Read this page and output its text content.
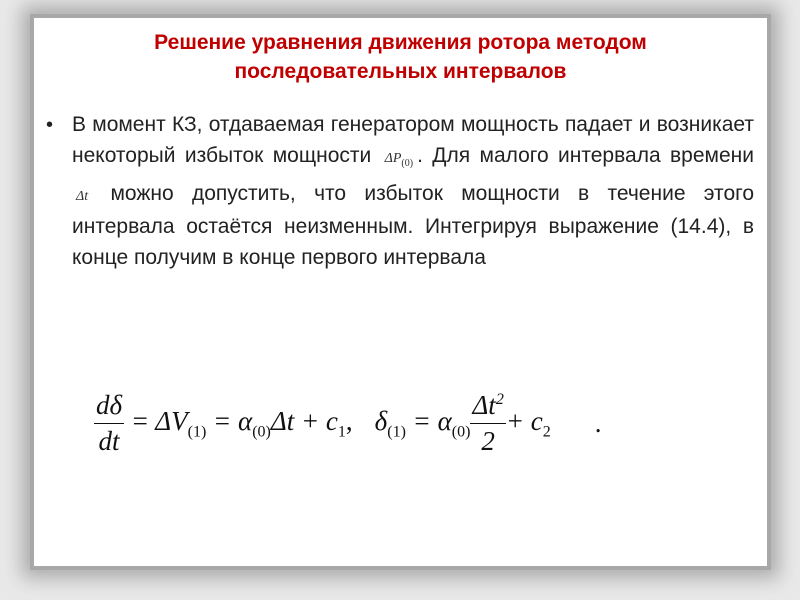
Решение уравнения движения ротора методом
последовательных интервалов
• В момент КЗ, отдаваемая генератором мощность падает и возникает некоторый избыток мощности $\Delta P_{(0)}$ . Для малого интервала времени Δt можно допустить, что избыток мощности в течение этого интервала остаётся неизменным. Интегрируя выражение (14.4), в конце получим в конце первого интервала
$\frac{d\delta}{dt} = \Delta V_{(1)} = \alpha_{(0)}$ $\Delta t + c_1$, $\delta_{(1)} = \alpha_{(0)} \frac{\Delta t^2}{2} + c_2$ .
